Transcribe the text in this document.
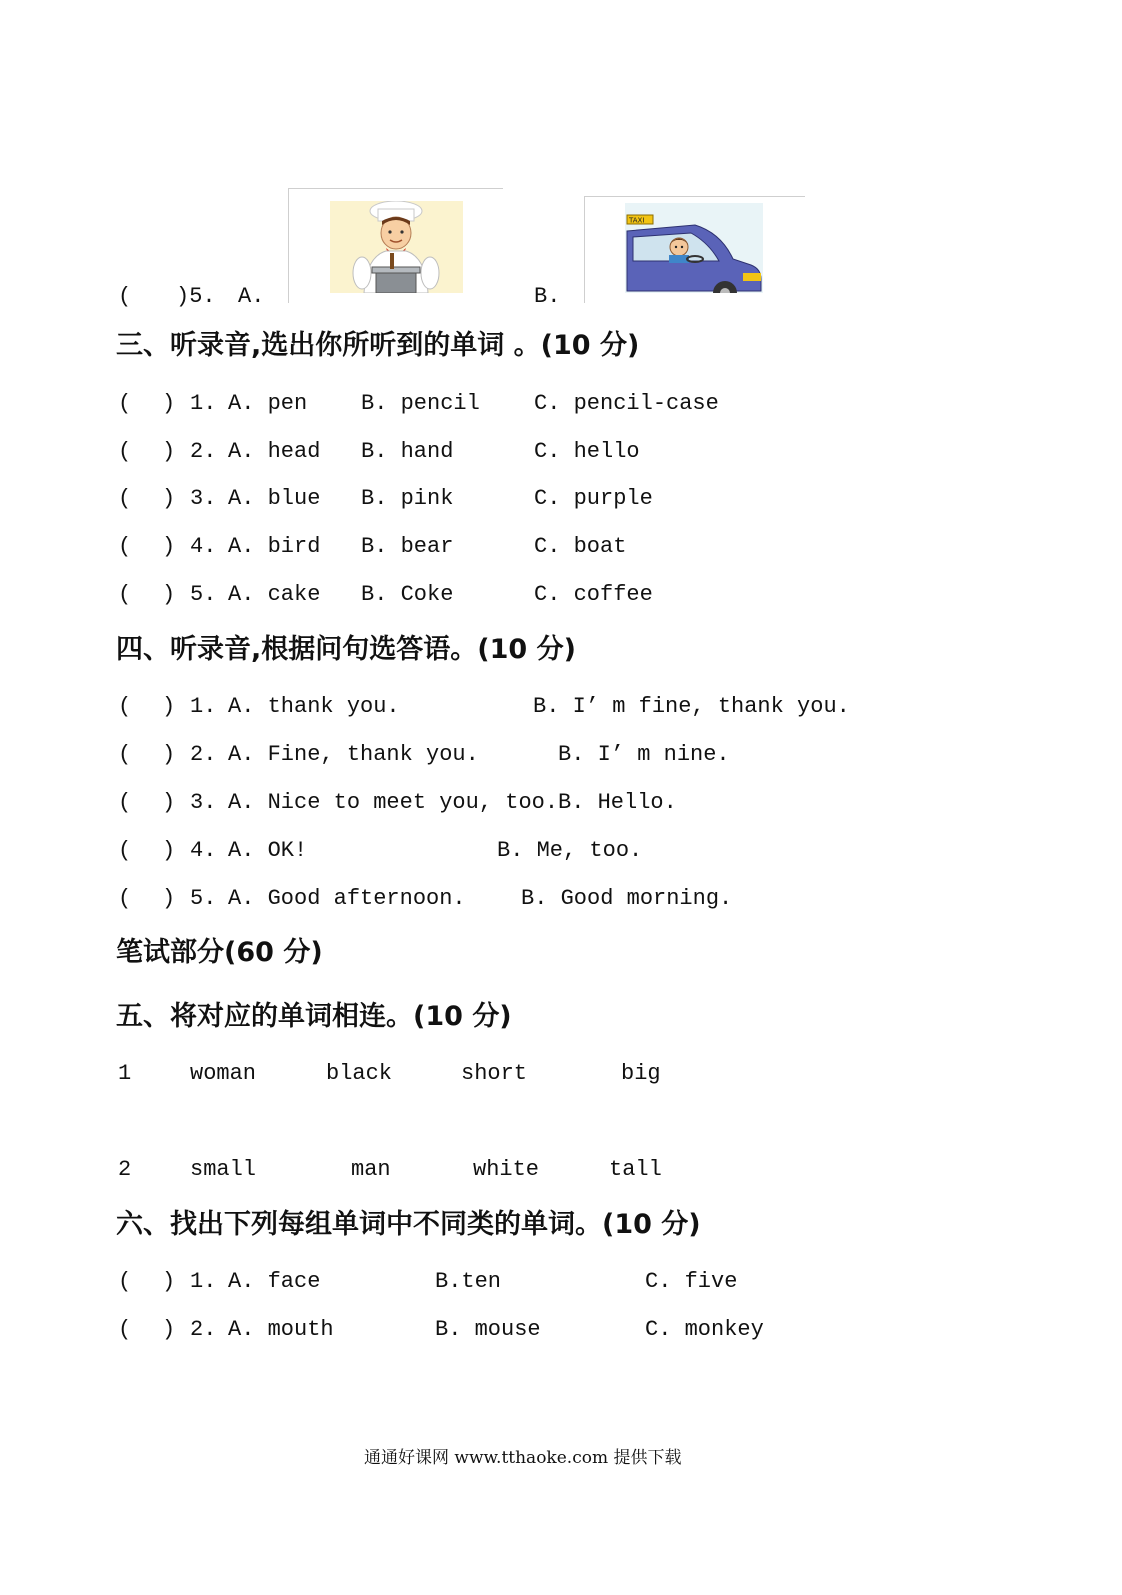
( )5. A.	B.
TAXI
三、听录音,选出你所听到的单词 。(10 分)
( ) 1. A. pen B. pencil C. pencil-case
( ) 2. A. head B. hand	C. hello
( ) 3. A. blue B. pink	C. purple
( ) 4. A. bird B. bear	C. boat
( ) 5. A. cake B. Coke	C. coffee
四、听录音,根据问句选答语。(10 分)
( ) 1. A. thank you.	B. I’ m fine, thank you.
( ) 2. A. Fine, thank you.	B. I’ m nine.
( ) 3. A. Nice to meet you, too. B. Hello.
( ) 4. A. OK!	B. Me, too.
( ) 5. A. Good afternoon.	B. Good morning.
笔试部分(60 分)
五、将对应的单词相连。(10 分)
1	woman	black	short	big
2	small	man	white	tall
六、找出下列每组单词中不同类的单词。(10 分)
( ) 1. A. face	B.ten	C. five
( ) 2. A. mouth	B. mouse	C. monkey
通通好课网 www.tthaoke.com 提供下载
